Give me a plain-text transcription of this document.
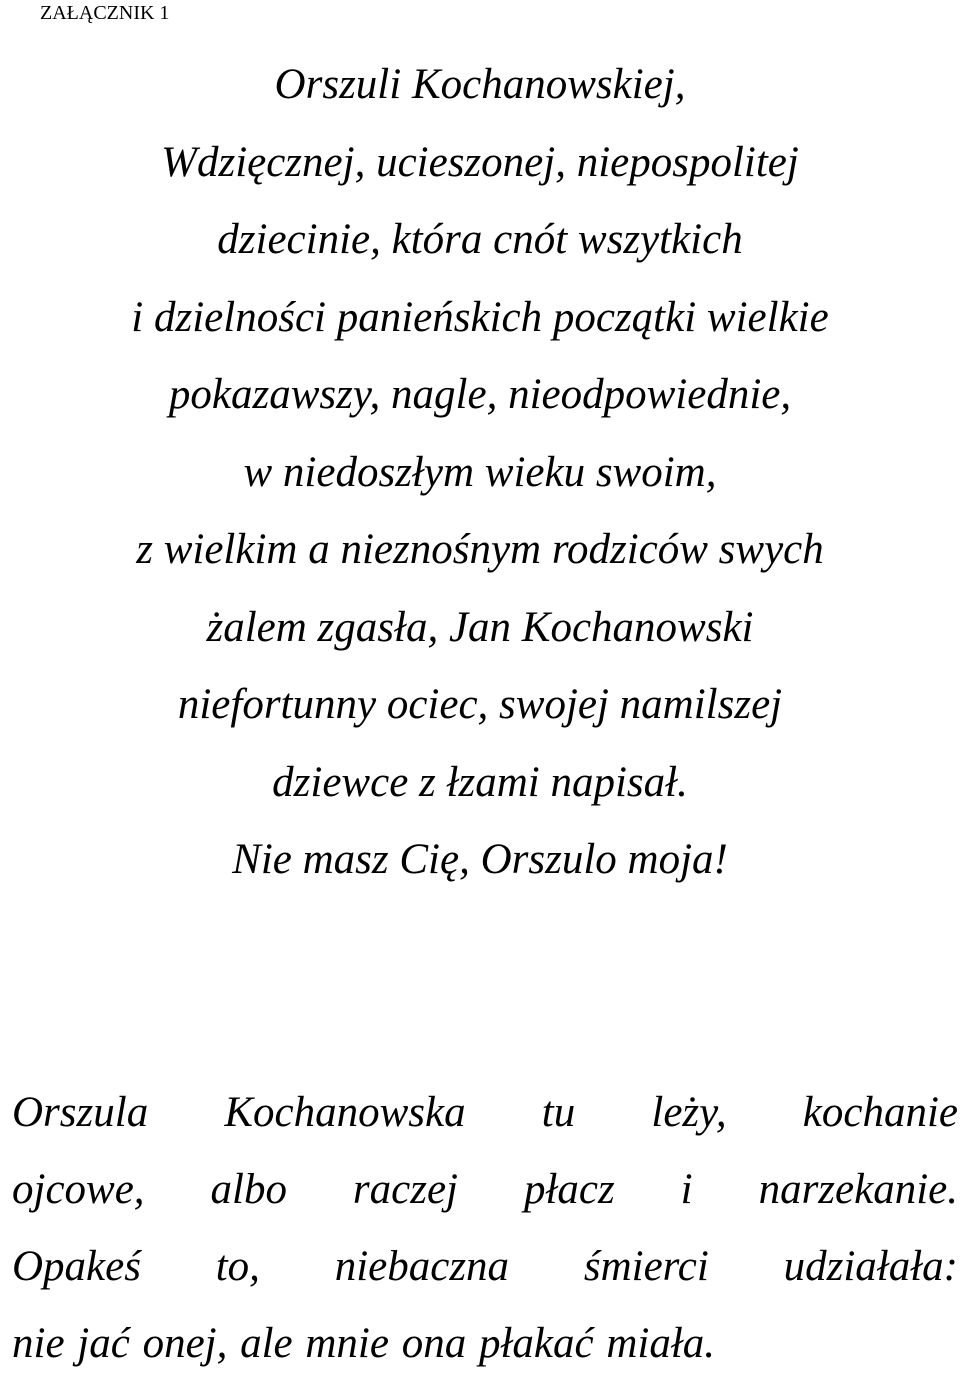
ZAŁĄCZNIK 1
Orszuli Kochanowskiej,
Wdzięcznej, ucieszonej, niepospolitej
dziecinie, która cnót wszytkich
i dzielności panieńskich początki wielkie
pokazawszy, nagle, nieodpowiednie,
w niedoszłym wieku swoim,
z wielkim a nieznośnym rodziców swych
żalem zgasła, Jan Kochanowski
niefortunny ociec, swojej namilszej
dziewce z łzami napisał.
Nie masz Cię, Orszulo moja!
Orszula Kochanowska tu leży, kochanie
ojcowe, albo raczej płacz i narzekanie.
Opakeś to, niebaczna śmierci udziałała:
nie jać onej, ale mnie ona płakać miała.
